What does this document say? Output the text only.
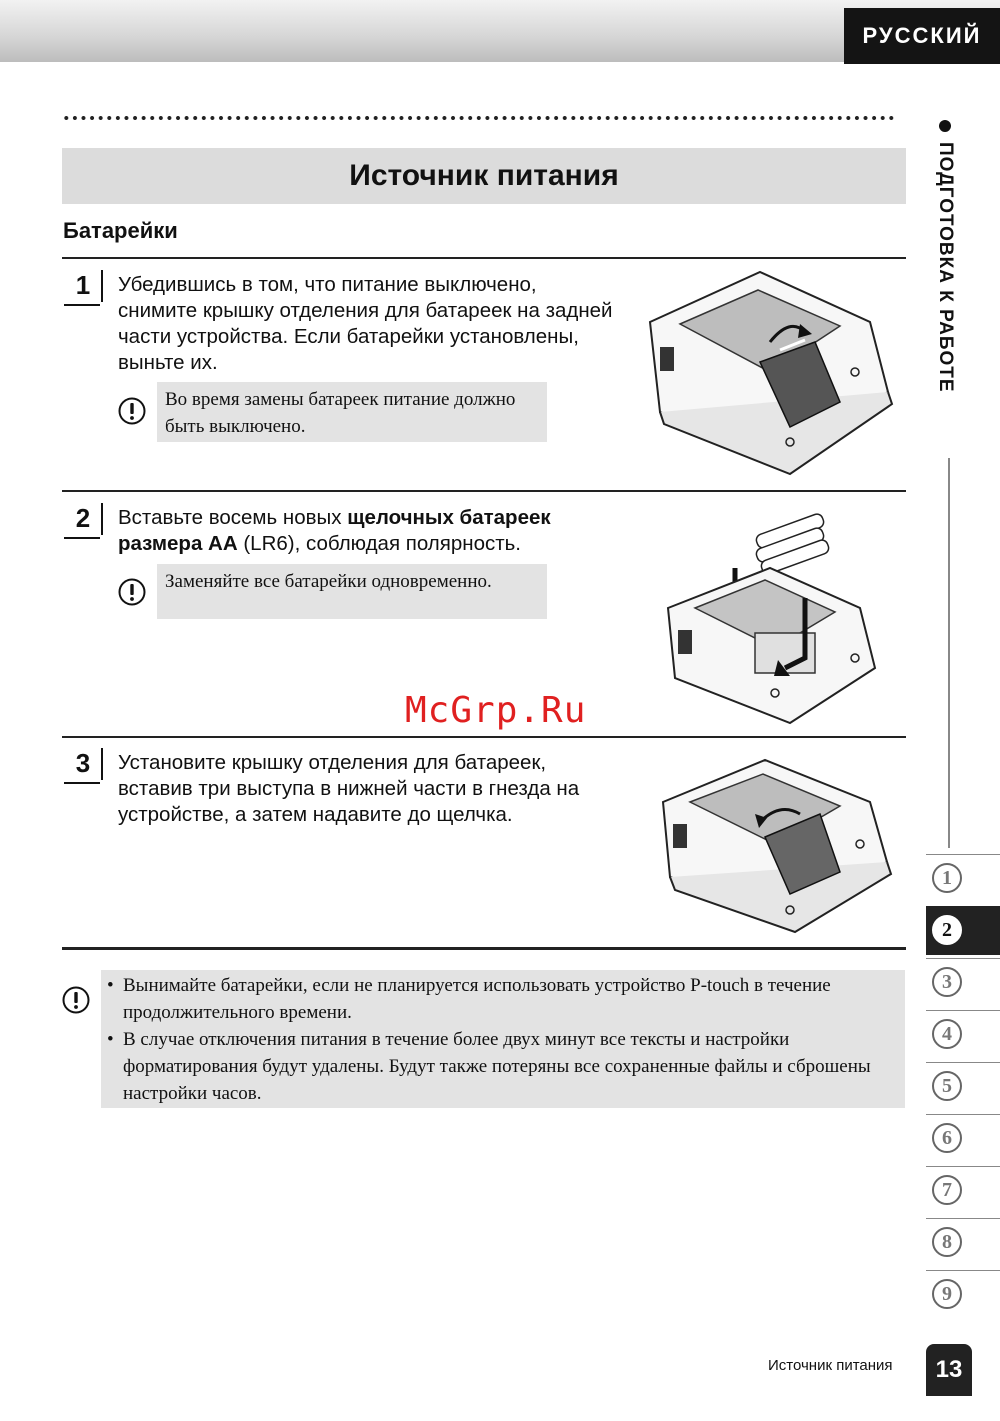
РУССКИЙ
Источник питания
Батарейки
1	Убедившись в том, что питание выключено, снимите крышку отделения для батареек на задней части устройства. Если батарейки установлены, выньте их.
Во время замены батареек питание должно быть выключено.
2	Вставьте восемь новых щелочных батареек размера AA (LR6), соблюдая полярность.
Заменяйте все батарейки одновременно.
McGrp.Ru
3	Установите крышку отделения для батареек, вставив три выступа в нижней части в гнезда на устройстве, а затем надавите до щелчка.
• Вынимайте батарейки, если не планируется использовать устройство P-touch в течение продолжительного времени.
• В случае отключения питания в течение более двух минут все тексты и настройки форматирования будут удалены. Будут также потеряны все сохраненные файлы и сброшены настройки часов.
ПОДГОТОВКА К РАБОТЕ
1
2
3
4
5
6
7
8
9
Источник питания	13
